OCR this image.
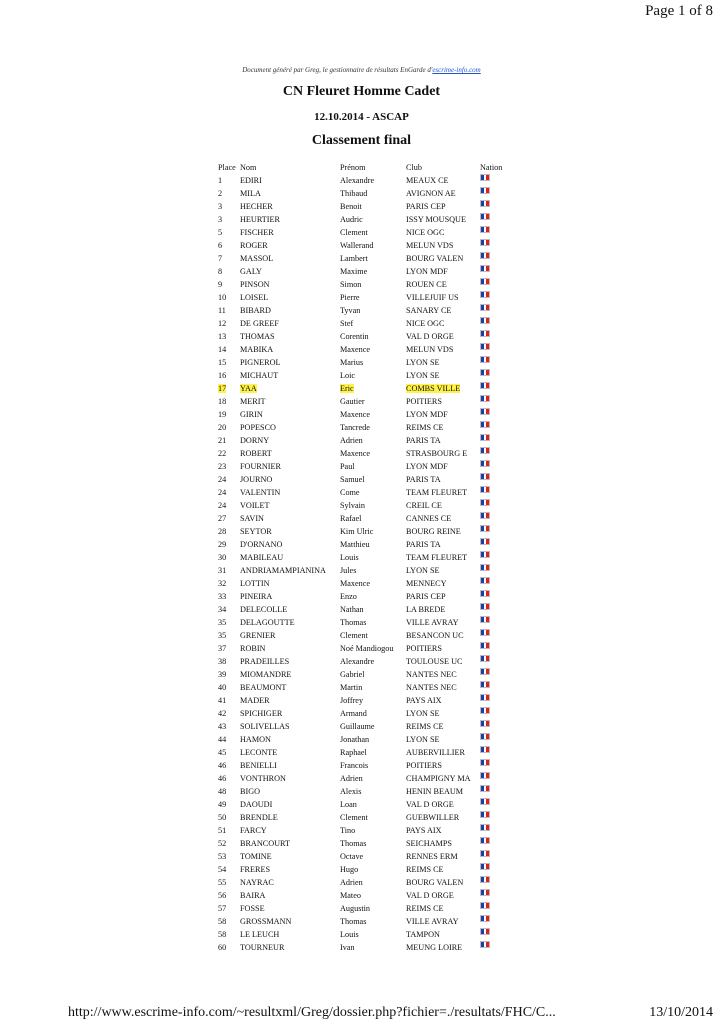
Page 1 of 8
Document généré par Greg, le gestionnaire de résultats EnGarde d'escrime-info.com
CN Fleuret Homme Cadet
12.10.2014 - ASCAP
Classement final
Place Nom	Prénom	Club	Nation
1	EDIRI	Alexandre	MEAUX CE
2	MILA	Thibaud	AVIGNON AE
3	HECHER	Benoit	PARIS CEP
3	HEURTIER	Audric	ISSY MOUSQUE
5	FISCHER	Clement	NICE OGC
6	ROGER	Wallerand	MELUN VDS
7	MASSOL	Lambert	BOURG VALEN
8	GALY	Maxime	LYON MDF
9	PINSON	Simon	ROUEN CE
10	LOISEL	Pierre	VILLEJUIF US
11	BIBARD	Tyvan	SANARY CE
12	DE GREEF	Stef	NICE OGC
13	THOMAS	Corentin	VAL D ORGE
14	MABIKA	Maxence	MELUN VDS
15	PIGNEROL	Marius	LYON SE
16	MICHAUT	Loic	LYON SE
17	YAA	Eric	COMBS VILLE
18	MERIT	Gautier	POITIERS
19	GIRIN	Maxence	LYON MDF
20	POPESCO	Tancrede	REIMS CE
21	DORNY	Adrien	PARIS TA
22	ROBERT	Maxence	STRASBOURG E
23	FOURNIER	Paul	LYON MDF
24	JOURNO	Samuel	PARIS TA
24	VALENTIN	Come	TEAM FLEURET
24	VOILET	Sylvain	CREIL CE
27	SAVIN	Rafael	CANNES CE
28	SEYTOR	Kim Ulric	BOURG REINE
29	D'ORNANO	Matthieu	PARIS TA
30	MABILEAU	Louis	TEAM FLEURET
31	ANDRIAMAMPIANINA	Jules	LYON SE
32	LOTTIN	Maxence	MENNECY
33	PINEIRA	Enzo	PARIS CEP
34	DELECOLLE	Nathan	LA BREDE
35	DELAGOUTTE	Thomas	VILLE AVRAY
35	GRENIER	Clement	BESANCON UC
37	ROBIN	Noé Mandiogou	POITIERS
38	PRADEILLES	Alexandre	TOULOUSE UC
39	MIOMANDRE	Gabriel	NANTES NEC
40	BEAUMONT	Martin	NANTES NEC
41	MADER	Joffrey	PAYS AIX
42	SPICHIGER	Armand	LYON SE
43	SOLIVELLAS	Guillaume	REIMS CE
44	HAMON	Jonathan	LYON SE
45	LECONTE	Raphael	AUBERVILLIER
46	BENIELLI	Francois	POITIERS
46	VONTHRON	Adrien	CHAMPIGNY MA
48	BIGO	Alexis	HENIN BEAUM
49	DAOUDI	Loan	VAL D ORGE
50	BRENDLE	Clement	GUEBWILLER
51	FARCY	Tino	PAYS AIX
52	BRANCOURT	Thomas	SEICHAMPS
53	TOMINE	Octave	RENNES ERM
54	FRERES	Hugo	REIMS CE
55	NAYRAC	Adrien	BOURG VALEN
56	BAIRA	Mateo	VAL D ORGE
57	FOSSE	Augustin	REIMS CE
58	GROSSMANN	Thomas	VILLE AVRAY
58	LE LEUCH	Louis	TAMPON
60	TOURNEUR	Ivan	MEUNG LOIRE
http://www.escrime-info.com/~resultxml/Greg/dossier.php?fichier=./resultats/FHC/C...	13/10/2014
